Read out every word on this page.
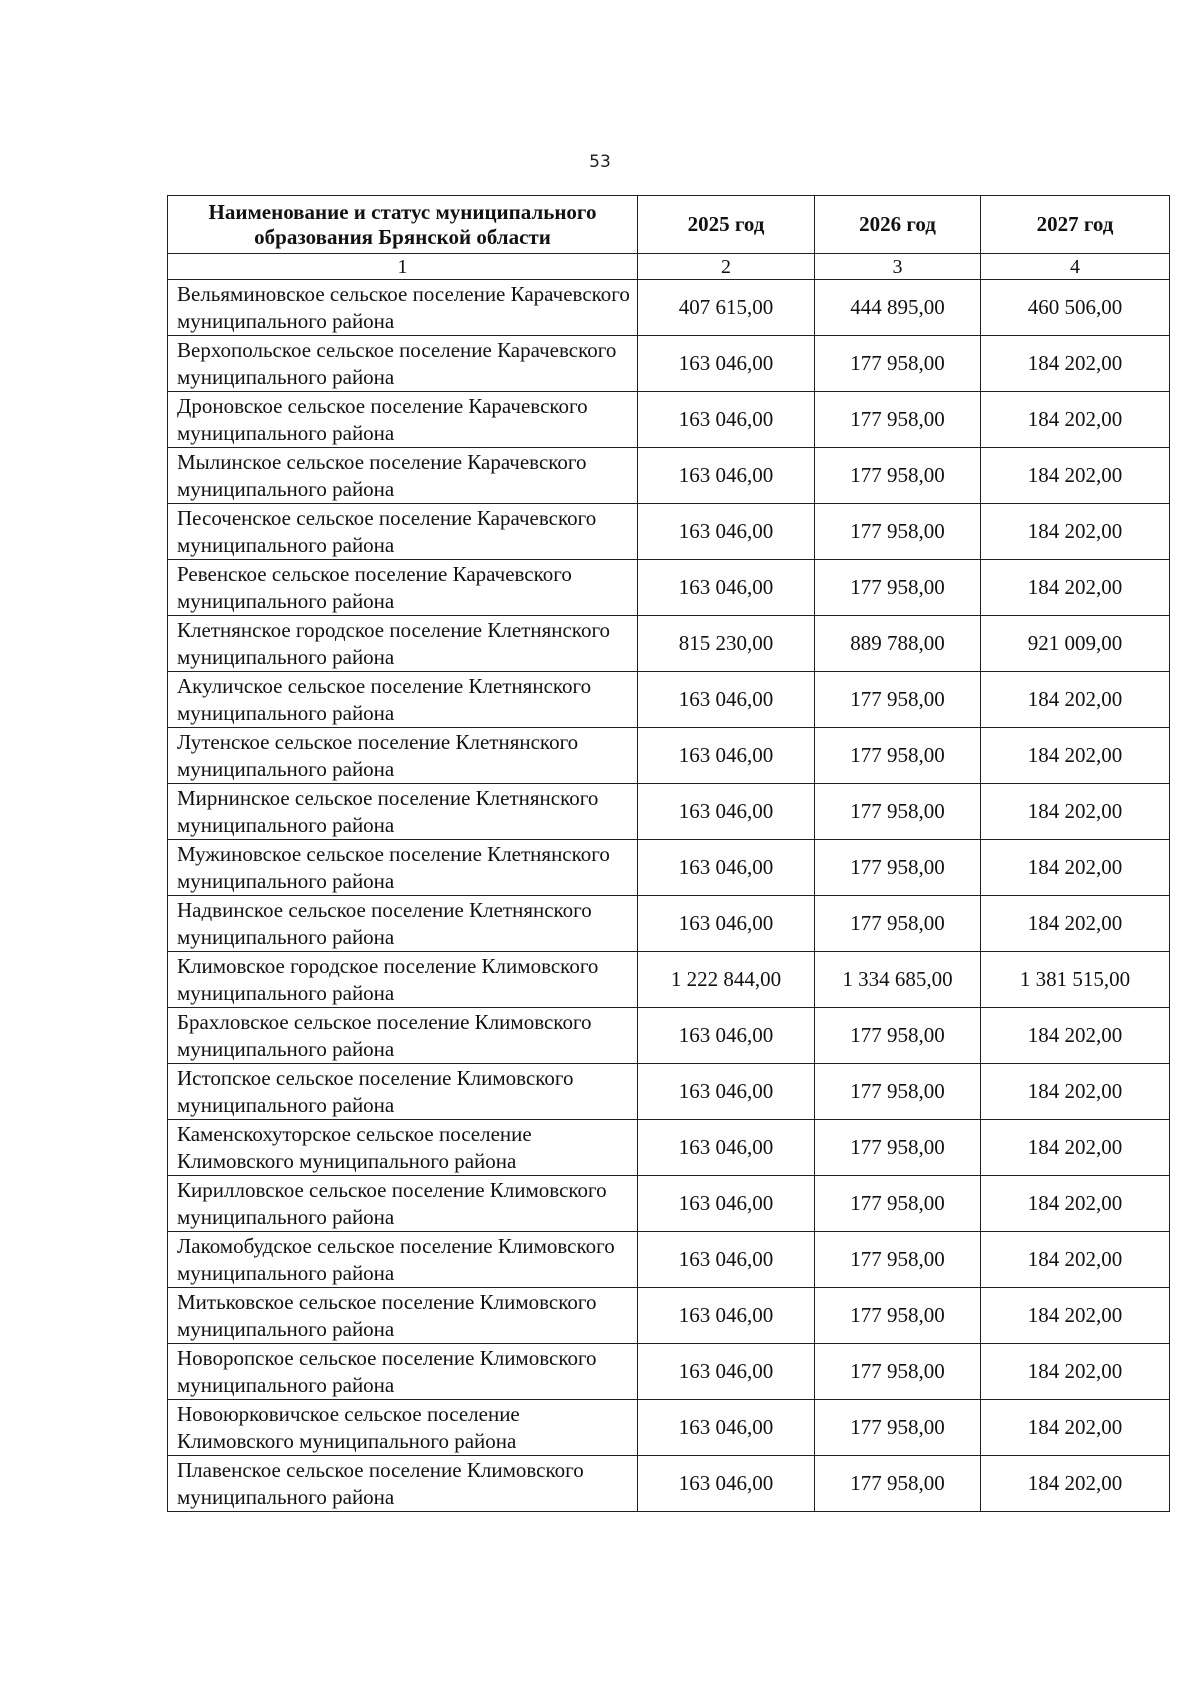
53
Наименование и статус муниципального образования Брянской области	2025 год	2026 год	2027 год
1	2	3	4
Вельяминовское сельское поселение Карачевского муниципального района	407 615,00	444 895,00	460 506,00
Верхопольское сельское поселение Карачевского муниципального района	163 046,00	177 958,00	184 202,00
Дроновское сельское поселение Карачевского муниципального района	163 046,00	177 958,00	184 202,00
Мылинское сельское поселение Карачевского муниципального района	163 046,00	177 958,00	184 202,00
Песоченское сельское поселение Карачевского муниципального района	163 046,00	177 958,00	184 202,00
Ревенское сельское поселение Карачевского муниципального района	163 046,00	177 958,00	184 202,00
Клетнянское городское поселение Клетнянского муниципального района	815 230,00	889 788,00	921 009,00
Акуличское сельское поселение Клетнянского муниципального района	163 046,00	177 958,00	184 202,00
Лутенское сельское поселение Клетнянского муниципального района	163 046,00	177 958,00	184 202,00
Мирнинское сельское поселение Клетнянского муниципального района	163 046,00	177 958,00	184 202,00
Мужиновское сельское поселение Клетнянского муниципального района	163 046,00	177 958,00	184 202,00
Надвинское сельское поселение Клетнянского муниципального района	163 046,00	177 958,00	184 202,00
Климовское городское поселение Климовского муниципального района	1 222 844,00	1 334 685,00	1 381 515,00
Брахловское сельское поселение Климовского муниципального района	163 046,00	177 958,00	184 202,00
Истопское сельское поселение Климовского муниципального района	163 046,00	177 958,00	184 202,00
Каменскохуторское сельское поселение Климовского муниципального района	163 046,00	177 958,00	184 202,00
Кирилловское сельское поселение Климовского муниципального района	163 046,00	177 958,00	184 202,00
Лакомобудское сельское поселение Климовского муниципального района	163 046,00	177 958,00	184 202,00
Митьковское сельское поселение Климовского муниципального района	163 046,00	177 958,00	184 202,00
Новоропское сельское поселение Климовского муниципального района	163 046,00	177 958,00	184 202,00
Новоюрковичское сельское поселение Климовского муниципального района	163 046,00	177 958,00	184 202,00
Плавенское сельское поселение Климовского муниципального района	163 046,00	177 958,00	184 202,00
